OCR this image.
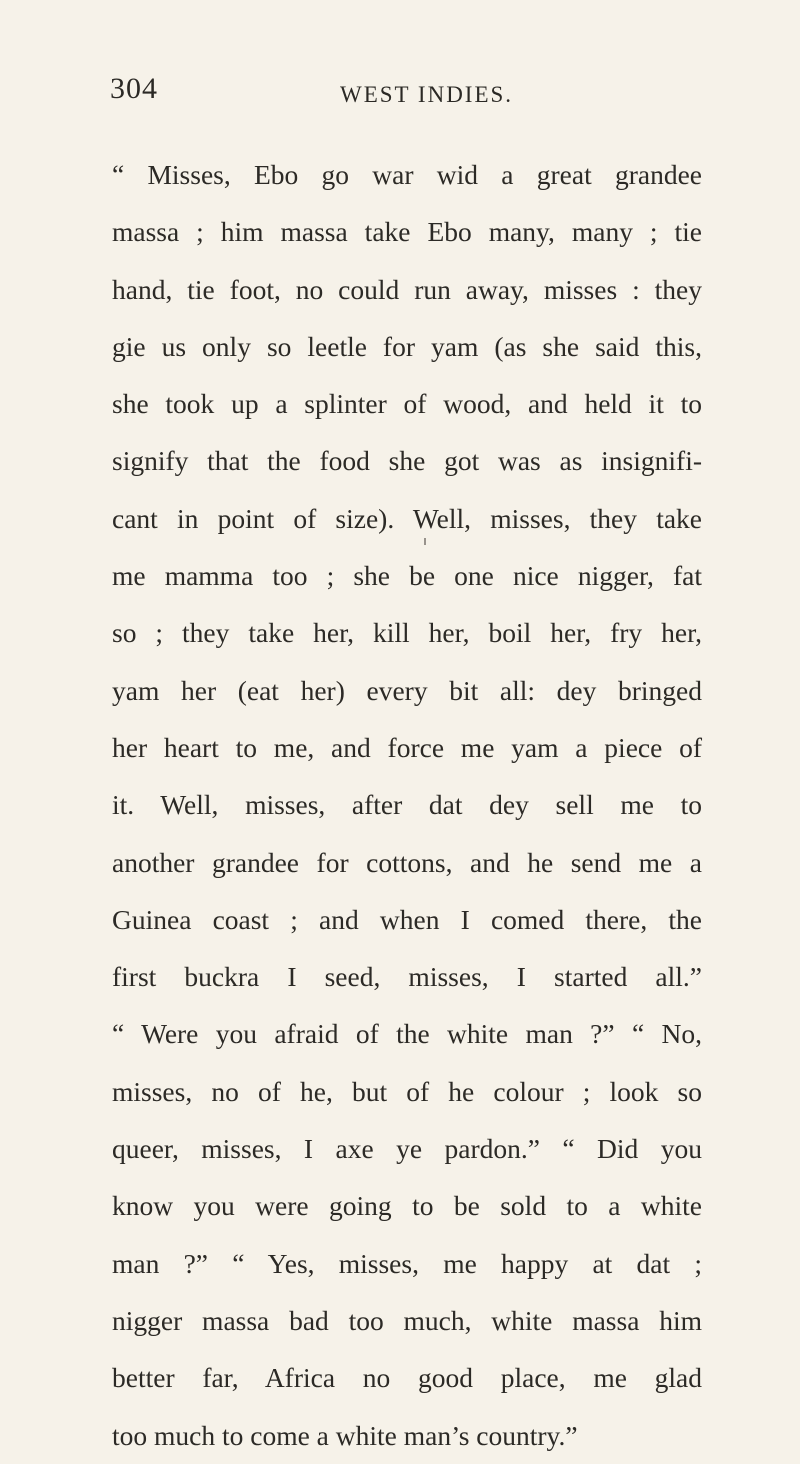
304	WEST INDIES.
“ Misses, Ebo go war wid a great grandee
massa ; him massa take Ebo many, many ; tie
hand, tie foot, no could run away, misses : they
gie us only so leetle for yam (as she said this,
she took up a splinter of wood, and held it to
signify that the food she got was as insignifi-
cant in point of size). Well, misses, they take
me mamma too ; she be one nice nigger, fat
so ; they take her, kill her, boil her, fry her,
yam her (eat her) every bit all: dey bringed
her heart to me, and force me yam a piece of
it. Well, misses, after dat dey sell me to
another grandee for cottons, and he send me a
Guinea coast ; and when I comed there, the
first buckra I seed, misses, I started all.”
“ Were you afraid of the white man ?” “ No,
misses, no of he, but of he colour ; look so
queer, misses, I axe ye pardon.” “ Did you
know you were going to be sold to a white
man ?” “ Yes, misses, me happy at dat ;
nigger massa bad too much, white massa him
better far, Africa no good place, me glad
too much to come a white man’s country.”
